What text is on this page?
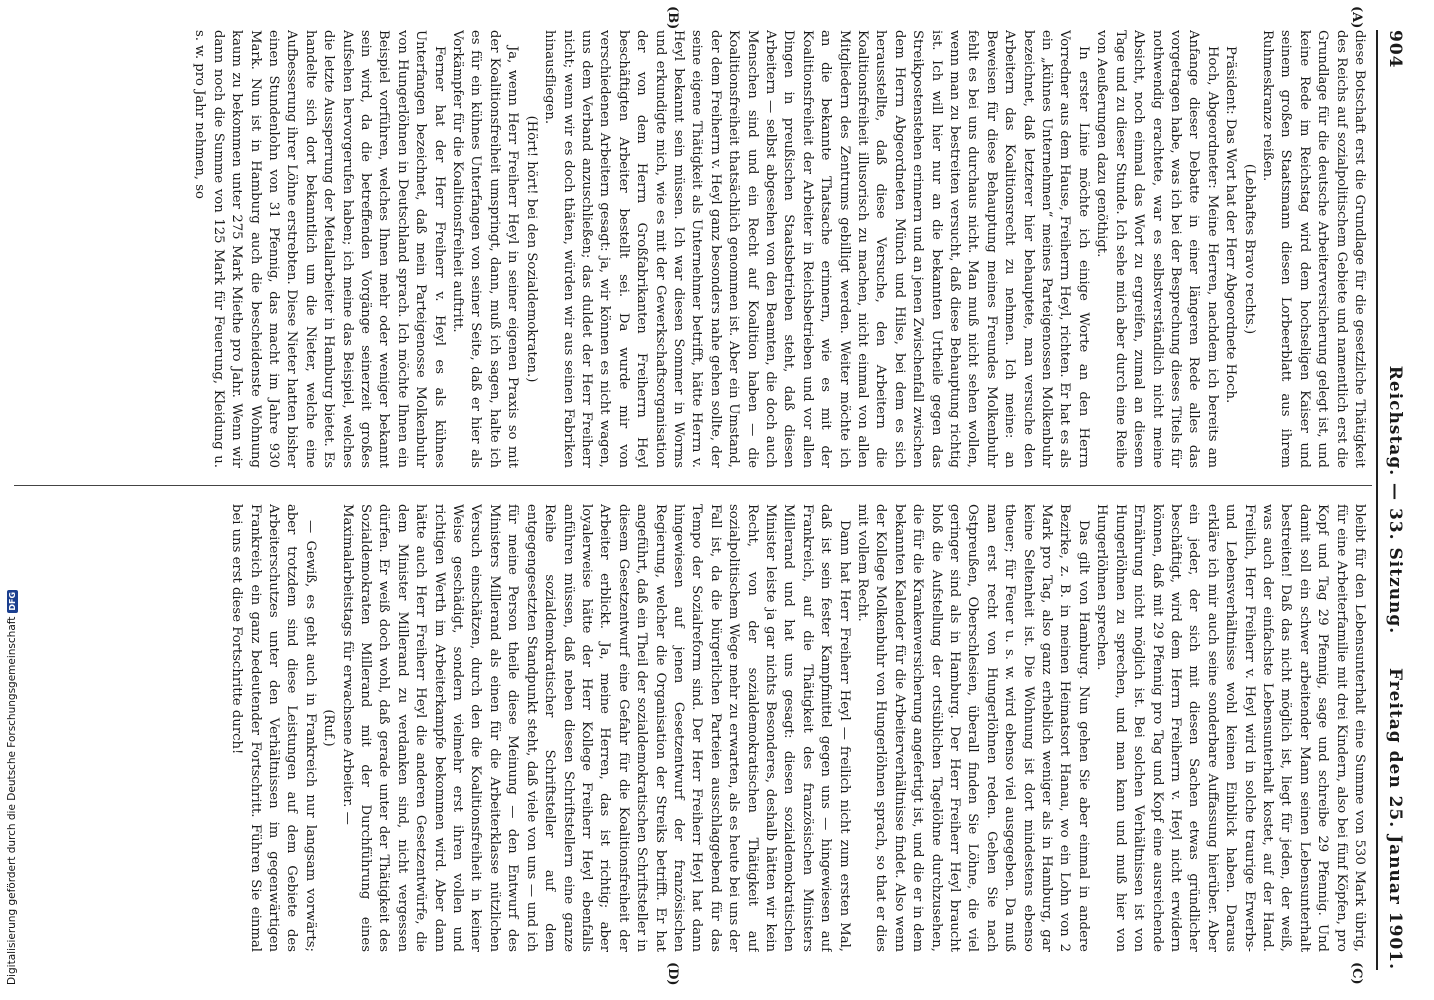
904
Reichstag. — 33. Sitzung.
Freitag den 25. Januar 1901.
(A)
(B)
(C)
(D)

diese Botschaft erst die Grundlage für die gesetzliche Thätigkeit des Reichs auf sozialpolitischem Gebiete und namentlich erst die Grundlage für die deutsche Arbeiterversicherung gelegt ist, und keine Rede im Reichstag wird dem hochseligen Kaiser und seinem großen Staatsmann diesen Lorbeerblatt aus ihrem Ruhmeskranze reißen.

(Lebhaftes Bravo rechts.)

Präsident: Das Wort hat der Herr Abgeordnete Hoch.

Hoch, Abgeordneter: Meine Herren, nachdem ich bereits am Anfange dieser Debatte in einer längeren Rede alles das vorgetragen habe, was ich bei der Besprechung dieses Titels für nothwendig erachtete, war es selbstverständlich nicht meine Absicht, noch einmal das Wort zu ergreifen, zumal an diesem Tage und zu dieser Stunde. Ich sehe mich aber durch eine Reihe von Aeußerungen dazu genöthigt.

In erster Linie möchte ich einige Worte an den Herrn Vorredner aus dem Hause, Freiherrn Heyl, richten. Er hat es als ein „kühnes Unternehmen“ meines Parteigenossen Molkenbuhr bezeichnet, daß letzterer hier behauptete, man versuche den Arbeitern das Koalitionsrecht zu nehmen. Ich meine: an Beweisen für diese Behauptung meines Freundes Molkenbuhr fehlt es bei uns durchaus nicht. Man muß nicht sehen wollen, wenn man zu bestreiten versucht, daß diese Behauptung richtig ist. Ich will hier nur an die bekannten Urtheile gegen das Streikpostenstehen erinnern und an jenen Zwischenfall zwischen dem Herrn Abgeordneten Münch und Hilse, bei dem es sich herausstellte, daß diese Versuche, den Arbeitern die Koalitionsfreiheit illusorisch zu machen, nicht einmal von allen Mitgliedern des Zentrums gebilligt werden. Weiter möchte ich an die bekannte Thatsache erinnern, wie es mit der Koalitionsfreiheit der Arbeiter in Reichsbetrieben und vor allen Dingen in preußischen Staatsbetrieben steht, daß diesen Arbeitern — selbst abgesehen von den Beamten, die doch auch Menschen sind und ein Recht auf Koalition haben — die Koalitionsfreiheit thatsächlich genommen ist. Aber ein Umstand, der dem Freiherrn v. Heyl ganz besonders nahe gehen sollte, der seine eigene Thätigkeit als Unternehmer betrifft, hätte Herrn v. Heyl bekannt sein müssen. Ich war diesen Sommer in Worms und erkundigte mich, wie es mit der Gewerkschaftsorganisation der von dem Herrn Großfabrikanten Freiherrn Heyl beschäftigten Arbeiter bestellt sei. Da wurde mir von verschiedenen Arbeitern gesagt: ja, wir können es nicht wagen, uns dem Verband anzuschließen; das duldet der Herr Freiherr nicht; wenn wir es doch thäten, würden wir aus seinen Fabriken hinausfliegen.

(Hört! hört! bei den Sozialdemokraten.)

Ja, wenn Herr Freiherr Heyl in seiner eigenen Praxis so mit der Koalitionsfreiheit umspringt, dann, muß ich sagen, halte ich es für ein kühnes Unterfangen von seiner Seite, daß er hier als Vorkämpfer für die Koalitionsfreiheit auftritt.

Ferner hat der Herr Freiherr v. Heyl es als kühnes Unterfangen bezeichnet, daß mein Parteigenosse Molkenbuhr von Hungerlöhnen in Deutschland sprach. Ich möchte Ihnen ein Beispiel vorführen, welches Ihnen mehr oder weniger bekannt sein wird, da die betreffenden Vorgänge seinerzeit großes Aufsehen hervorgerufen haben; ich meine das Beispiel, welches die letzte Aussperrung der Metallarbeiter in Hamburg bietet. Es handelte sich dort bekanntlich um die Nieter, welche eine Aufbesserung ihrer Löhne erstrebten. Diese Nieter hatten bisher einen Stundenlohn von 31 Pfennig, das macht im Jahre 930 Mark. Nun ist in Hamburg auch die bescheidenste Wohnung kaum zu bekommen unter 275 Mark Miethe pro Jahr. Wenn wir dann noch die Summe von 125 Mark für Feuerung, Kleidung u. s. w. pro Jahr nehmen, so

bleibt für den Lebensunterhalt eine Summe von 530 Mark übrig, für eine Arbeiterfamilie mit drei Kindern, also bei fünf Köpfen, pro Kopf und Tag 29 Pfennig, sage und schreibe 29 Pfennig. Und damit soll ein schwer arbeitender Mann seinen Lebensunterhalt bestreiten! Daß das nicht möglich ist, liegt für jeden, der weiß, was auch der einfachste Lebensunterhalt kostet, auf der Hand. Freilich, Herr Freiherr v. Heyl wird in solche traurige Erwerbs- und Lebensverhältnisse wohl keinen Einblick haben. Daraus erkläre ich mir auch seine sonderbare Auffassung hierüber. Aber ein jeder, der sich mit diesen Sachen etwas gründlicher beschäftigt, wird dem Herrn Freiherrn v. Heyl nicht erwidern können, daß mit 29 Pfennig pro Tag und Kopf eine ausreichende Ernährung nicht möglich ist. Bei solchen Verhältnissen ist von Hungerlöhnen zu sprechen, und man kann und muß hier von Hungerlöhnen sprechen.

Das gilt von Hamburg. Nun gehen Sie aber einmal in andere Bezirke, z. B. in meinen Heimatsort Hanau, wo ein Lohn von 2 Mark pro Tag, also ganz erheblich weniger als in Hamburg, gar keine Seltenheit ist. Die Wohnung ist dort mindestens ebenso theuer; für Feuer u. s. w. wird ebenso viel ausgegeben. Da muß man erst recht von Hungerlöhnen reden. Gehen Sie nach Ostpreußen, Oberschlesien, überall finden Sie Löhne, die viel geringer sind als in Hamburg. Der Herr Freiherr Heyl braucht bloß die Aufstellung der ortsüblichen Tagelöhne durchzusehen, die für die Krankenversicherung angefertigt ist, und die er in dem bekannten Kalender für die Arbeiterverhältnisse findet. Also wenn der Kollege Molkenbuhr von Hungerlöhnen sprach, so that er dies mit vollem Recht.

Dann hat Herr Freiherr Heyl — freilich nicht zum ersten Mal, daß ist sein fester Kampfmittel gegen uns — hingewiesen auf Frankreich, auf die Thätigkeit des französischen Ministers Millerand und hat uns gesagt: diesen sozialdemokratischen Minister leiste ja gar nichts Besonderes, deshalb hätten wir kein Recht, von der sozialdemokratischen Thätigkeit auf sozialpolitischem Wege mehr zu erwarten, als es heute bei uns der Fall ist, da die bürgerlichen Parteien ausschlaggebend für das Tempo der Sozialreform sind. Der Herr Freiherr Heyl hat dann hingewiesen auf jenen Gesetzentwurf der französischen Regierung, welcher die Organisation der Streiks betrifft. Er hat angeführt, daß ein Theil der sozialdemokratischen Schriftsteller in diesem Gesetzentwurf eine Gefahr für die Koalitionsfreiheit der Arbeiter erblickt. Ja, meine Herren, das ist richtig; aber loyalerweise hätte der Herr Kollege Freiherr Heyl ebenfalls anführen müssen, daß neben diesen Schriftstellern eine ganze Reihe sozialdemokratischer Schriftsteller auf dem entgegengesetzten Standpunkt steht, daß viele von uns — und ich für meine Person theile diese Meinung — den Entwurf des Ministers Millerand als einen für die Arbeiterklasse nützlichen Versuch einschätzen, durch den die Koalitionsfreiheit in keiner Weise geschädigt, sondern vielmehr erst ihren vollen und richtigen Werth im Arbeiterkampfe bekommen wird. Aber dann hätte auch Herr Freiherr Heyl die anderen Gesetzentwürfe, die dem Minister Millerand zu verdanken sind, nicht vergessen dürfen. Er weiß doch wohl, daß gerade unter der Thätigkeit des Sozialdemokraten Millerand mit der Durchführung eines Maximalarbeitstags für erwachsene Arbeiter. —

(Ruf.)

— Gewiß, es geht auch in Frankreich nur langsam vorwärts; aber trotzdem sind diese Leistungen auf dem Gebiete des Arbeiterschutzes unter den Verhältnissen im gegenwärtigen Frankreich ein ganz bedeutender Fortschritt. Führen Sie einmal bei uns erst diese Fortschritte durch!

Digitalisierung gefördert durch die Deutsche Forschungsgemeinschaft
DFG
